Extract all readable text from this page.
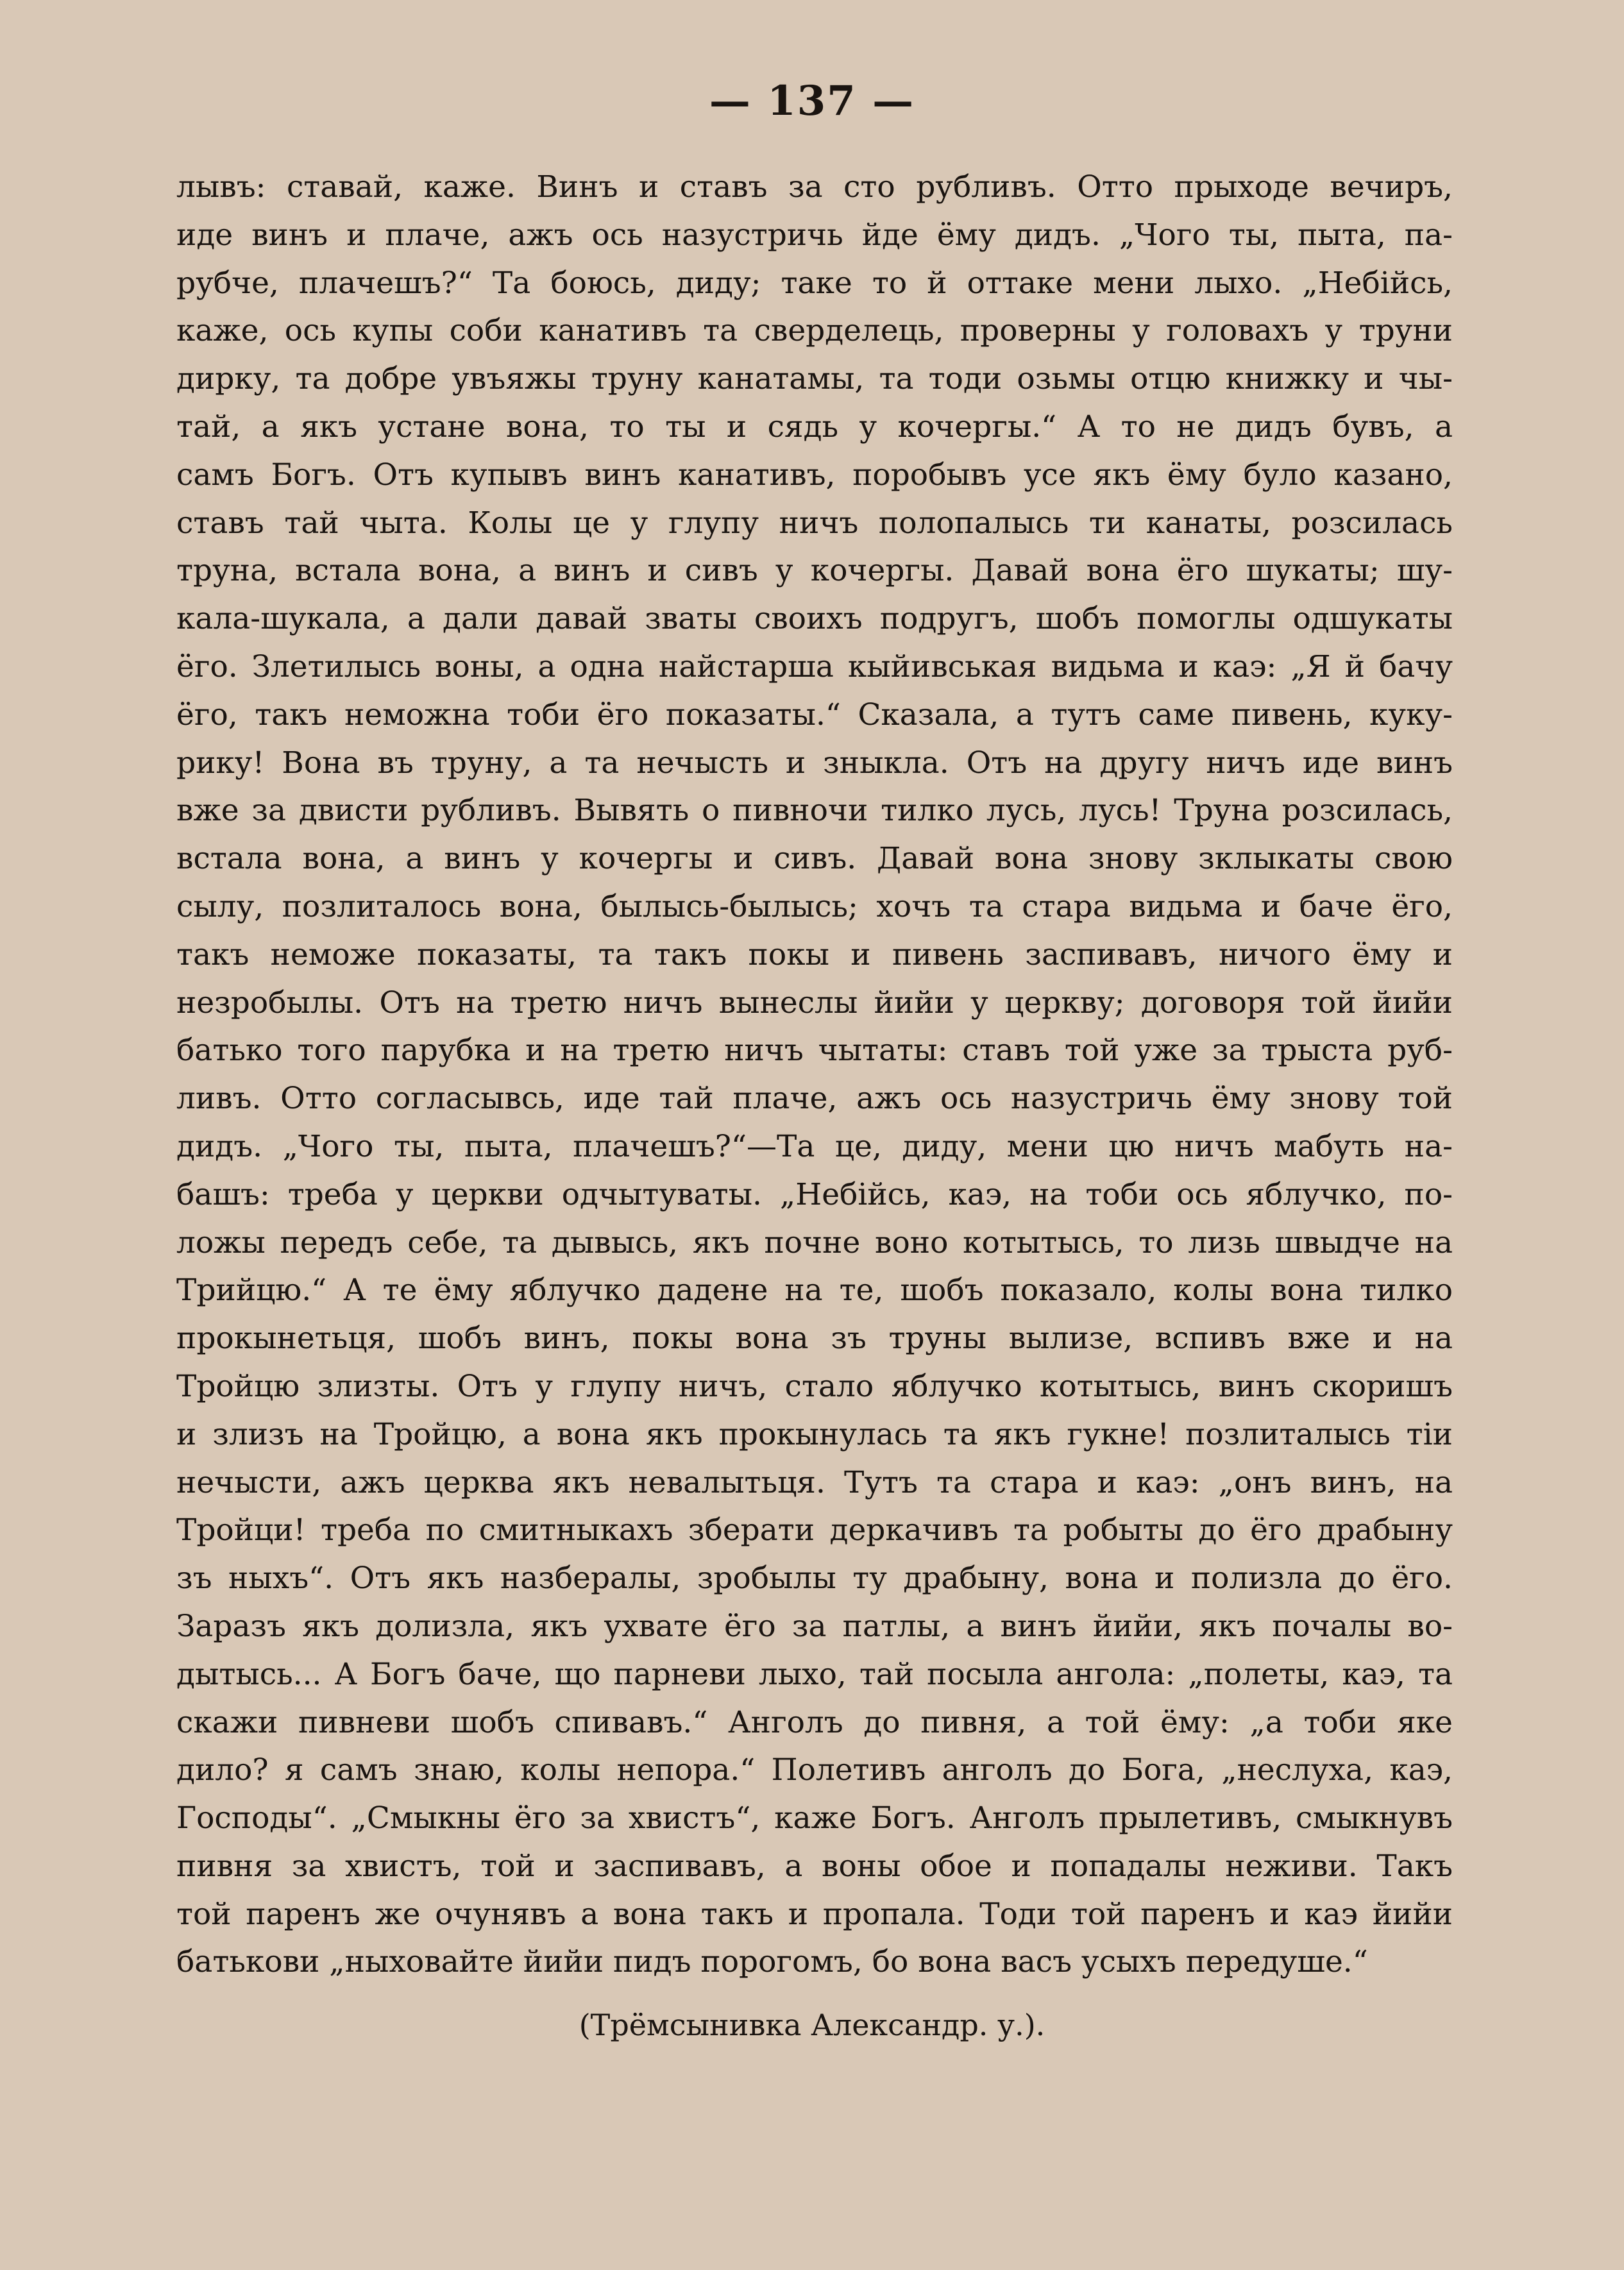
— 137 —
лывъ: ставай, каже. Винъ и ставъ за сто рубливъ. Отто прыходе вечиръ,
иде винъ и плаче, ажъ ось назустричь йде ёму дидъ. „Чого ты, пыта, па-
рубче, плачешъ?“ Та боюсь, диду; таке то й оттаке мени лыхо. „Небійсь,
каже, ось купы соби канативъ та сверделець, проверны у головахъ у труни
дирку, та добре увъяжы труну канатамы, та тоди озьмы отцю книжку и чы-
тай, а якъ устане вона, то ты и сядь у кочергы.“ А то не дидъ бувъ, а
самъ Богъ. Отъ купывъ винъ канативъ, поробывъ усе якъ ёму було казано,
ставъ тай чыта. Колы це у глупу ничъ полопалысь ти канаты, розсилась
труна, встала вона, а винъ и сивъ у кочергы. Давай вона ёго шукаты; шу-
кала-шукала, а дали давай зваты своихъ подругъ, шобъ помоглы одшукаты
ёго. Злетилысь воны, а одна найстарша кыйивськая видьма и каэ: „Я й бачу
ёго, такъ неможна тоби ёго показаты.“ Сказала, а тутъ саме пивень, куку-
рику! Вона въ труну, а та нечысть и зныкла. Отъ на другу ничъ иде винъ
вже за двисти рубливъ. Вывять о пивночи тилко лусь, лусь! Труна розсилась,
встала вона, а винъ у кочергы и сивъ. Давай вона знову зклыкаты свою
сылу, позлиталось вона, былысь-былысь; хочъ та стара видьма и баче ёго,
такъ неможе показаты, та такъ покы и пивень заспивавъ, ничого ёму и
незробылы. Отъ на третю ничъ вынеслы йийи у церкву; договоря той йийи
батько того парубка и на третю ничъ чытаты: ставъ той уже за трыста руб-
ливъ. Отто согласывсь, иде тай плаче, ажъ ось назустричь ёму знову той
дидъ. „Чого ты, пыта, плачешъ?“—Та це, диду, мени цю ничъ мабуть на-
башъ: треба у церкви одчытуваты. „Небійсь, каэ, на тоби ось яблучко, по-
ложы передъ себе, та дывысь, якъ почне воно котытысь, то лизь швыдче на
Трийцю.“ А те ёму яблучко дадене на те, шобъ показало, колы вона тилко
прокынетьця, шобъ винъ, покы вона зъ труны вылизе, вспивъ вже и на
Тройцю злизты. Отъ у глупу ничъ, стало яблучко котытысь, винъ скоришъ
и злизъ на Тройцю, а вона якъ прокынулась та якъ гукне! позлиталысь тіи
нечысти, ажъ церква якъ невалытьця. Тутъ та стара и каэ: „онъ винъ, на
Тройци! треба по смитныкахъ зберати деркачивъ та робыты до ёго драбыну
зъ ныхъ“. Отъ якъ назбералы, зробылы ту драбыну, вона и полизла до ёго.
Заразъ якъ долизла, якъ ухвате ёго за патлы, а винъ йийи, якъ почалы во-
дытысь... А Богъ баче, що парневи лыхо, тай посыла ангола: „полеты, каэ, та
скажи пивневи шобъ спивавъ.“ Анголъ до пивня, а той ёму: „а тоби яке
дило? я самъ знаю, колы непора.“ Полетивъ анголъ до Бога, „неслуха, каэ,
Господы“. „Смыкны ёго за хвистъ“, каже Богъ. Анголъ прылетивъ, смыкнувъ
пивня за хвистъ, той и заспивавъ, а воны обое и попадалы неживи. Такъ
той паренъ же очунявъ а вона такъ и пропала. Тоди той паренъ и каэ йийи
батькови „ныховайте йийи пидъ порогомъ, бо вона васъ усыхъ передуше.“
(Трёмсынивка Александр. у.).
